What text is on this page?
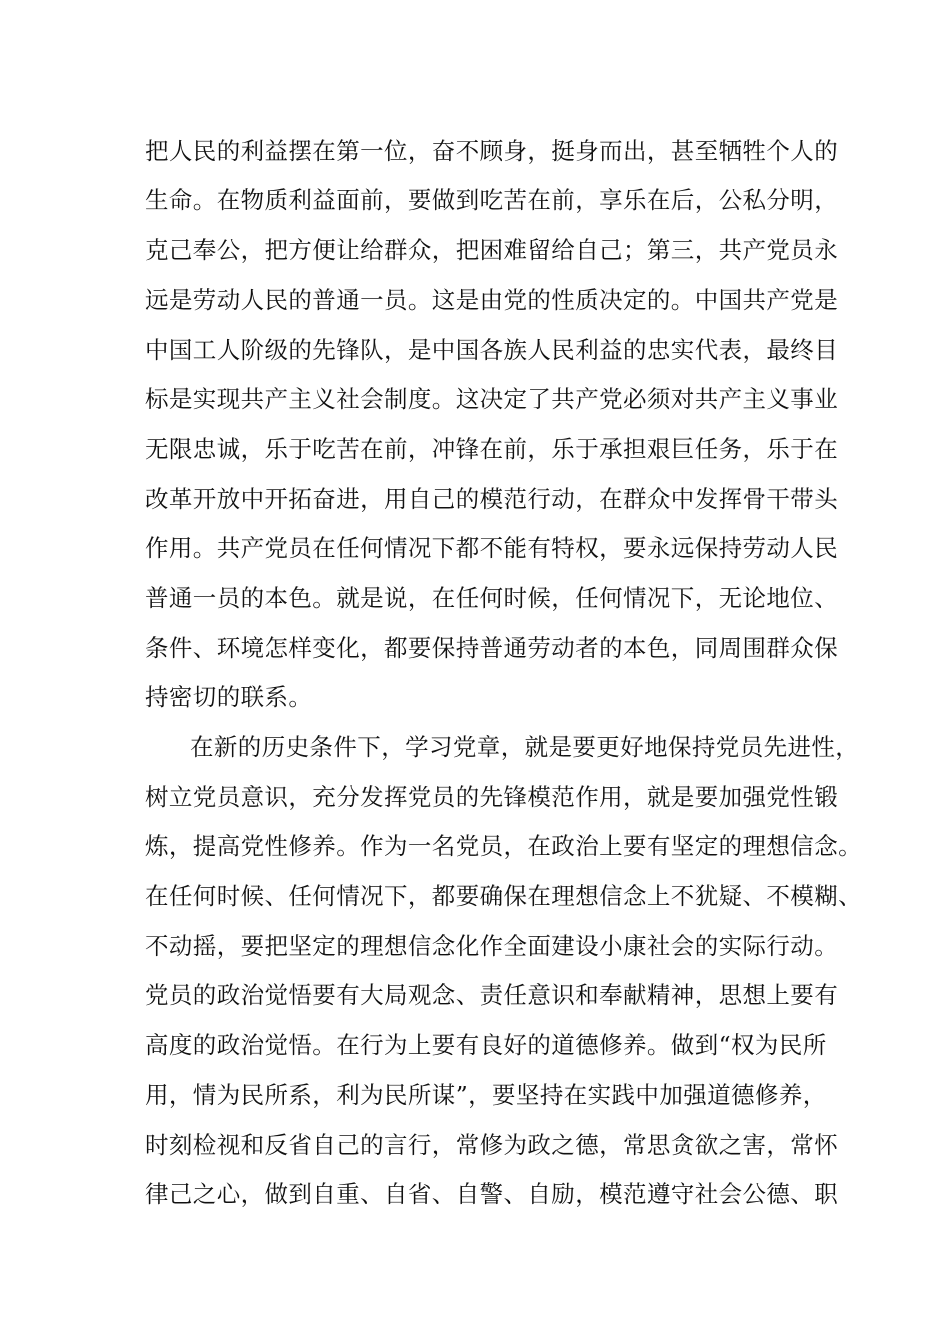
把人民的利益摆在第一位，奋不顾身，挺身而出，甚至牺牲个人的
生命。在物质利益面前，要做到吃苦在前，享乐在后，公私分明，
克己奉公，把方便让给群众，把困难留给自己；第三，共产党员永
远是劳动人民的普通一员。这是由党的性质决定的。中国共产党是
中国工人阶级的先锋队，是中国各族人民利益的忠实代表，最终目
标是实现共产主义社会制度。这决定了共产党必须对共产主义事业
无限忠诚，乐于吃苦在前，冲锋在前，乐于承担艰巨任务，乐于在
改革开放中开拓奋进，用自己的模范行动，在群众中发挥骨干带头
作用。共产党员在任何情况下都不能有特权，要永远保持劳动人民
普通一员的本色。就是说，在任何时候，任何情况下，无论地位、
条件、环境怎样变化，都要保持普通劳动者的本色，同周围群众保
持密切的联系。
在新的历史条件下，学习党章，就是要更好地保持党员先进性，
树立党员意识，充分发挥党员的先锋模范作用，就是要加强党性锻
炼，提高党性修养。作为一名党员，在政治上要有坚定的理想信念。
在任何时候、任何情况下，都要确保在理想信念上不犹疑、不模糊、
不动摇，要把坚定的理想信念化作全面建设小康社会的实际行动。
党员的政治觉悟要有大局观念、责任意识和奉献精神，思想上要有
高度的政治觉悟。在行为上要有良好的道德修养。做到“权为民所
用，情为民所系，利为民所谋”，要坚持在实践中加强道德修养，
时刻检视和反省自己的言行，常修为政之德，常思贪欲之害，常怀
律己之心，做到自重、自省、自警、自励，模范遵守社会公德、职
